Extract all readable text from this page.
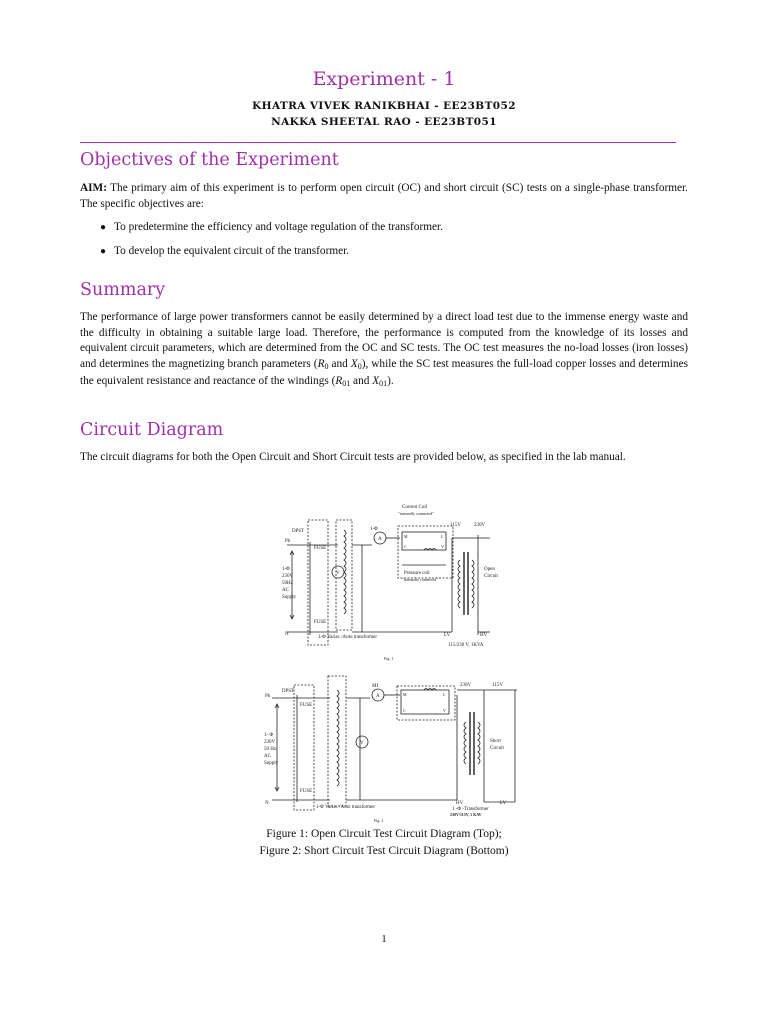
Experiment - 1
KHATRA VIVEK RANIKBHAI - EE23BT052
NAKKA SHEETAL RAO - EE23BT051
Objectives of the Experiment

AIM: The primary aim of this experiment is to perform open circuit (OC) and short circuit (SC) tests on a single-phase transformer. The specific objectives are:

● To predetermine the efficiency and voltage regulation of the transformer.
● To develop the equivalent circuit of the transformer.
Summary

The performance of large power transformers cannot be easily determined by a direct load test due to the immense energy waste and the difficulty in obtaining a suitable large load. Therefore, the performance is computed from the knowledge of its losses and equivalent circuit parameters, which are determined from the OC and SC tests. The OC test measures the no-load losses (iron losses) and determines the magnetizing branch parameters ($R_0$ and $X_0$), while the SC test measures the full-load copper losses and determines the equivalent resistance and reactance of the windings ($R_{01}$ and $X_{01}$).

Circuit Diagram

The circuit diagrams for both the Open Circuit and Short Circuit tests are provided below, as specified in the lab manual.

Current Coil
"internally connected"
DPST
Ph
FUSE
1-Φ
A
V
M	L
C	V
115V	230V
1-Φ
230V
50Hz
AC
Supply
Pressure coil
"internally connected"
Open
Circuit
FUSE
N
1-Φ Variac /Auto transformer	LV	HV
115/230 V, 1KVA
Fig. 1
DPST
Ph
FUSE
MI
A
V
M	L
C	V
230V	115V
1- Φ
230V
50 Hz
AC
Supply
Short
Circuit
FUSE
N
1-Φ Variac /Auto transformer
HV	LV
1 -Φ -Transformer
230V/115V, 1 KAV
Fig. 2
Figure 1: Open Circuit Test Circuit Diagram (Top);
Figure 2: Short Circuit Test Circuit Diagram (Bottom)
1
